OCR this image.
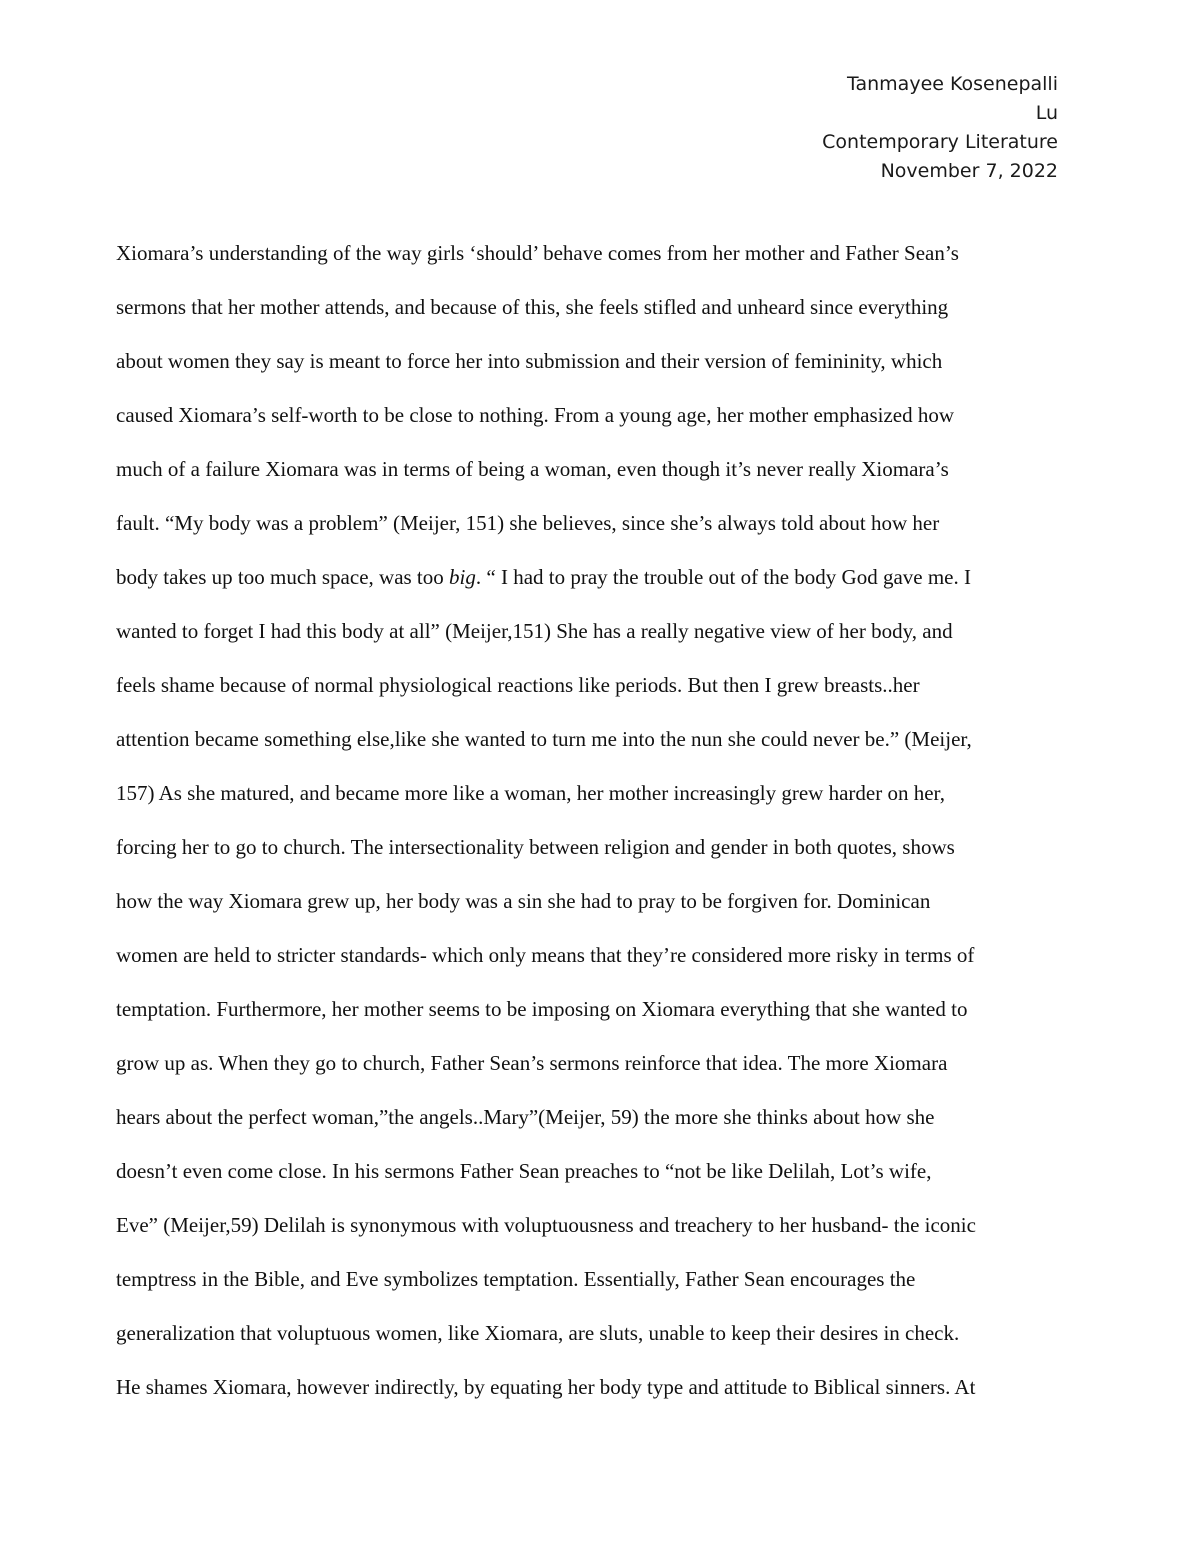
Tanmayee Kosenepalli
Lu
Contemporary Literature
November 7, 2022
Xiomara’s understanding of the way girls ‘should’ behave comes from her mother and Father Sean’s
sermons that her mother attends, and because of this, she feels stifled and unheard since everything
about women they say is meant to force her into submission and their version of femininity, which
caused Xiomara’s self-worth to be close to nothing. From a young age, her mother emphasized how
much of a failure Xiomara was in terms of being a woman, even though it’s never really Xiomara’s
fault. “My body was a problem” (Meijer, 151) she believes, since she’s always told about how her
body takes up too much space, was too big. “ I had to pray the trouble out of the body God gave me. I
wanted to forget I had this body at all” (Meijer,151) She has a really negative view of her body, and
feels shame because of normal physiological reactions like periods. But then I grew breasts..her
attention became something else,like she wanted to turn me into the nun she could never be.” (Meijer,
157) As she matured, and became more like a woman, her mother increasingly grew harder on her,
forcing her to go to church. The intersectionality between religion and gender in both quotes, shows
how the way Xiomara grew up, her body was a sin she had to pray to be forgiven for. Dominican
women are held to stricter standards- which only means that they’re considered more risky in terms of
temptation. Furthermore, her mother seems to be imposing on Xiomara everything that she wanted to
grow up as. When they go to church, Father Sean’s sermons reinforce that idea. The more Xiomara
hears about the perfect woman,”the angels..Mary”(Meijer, 59) the more she thinks about how she
doesn’t even come close. In his sermons Father Sean preaches to “not be like Delilah, Lot’s wife,
Eve” (Meijer,59) Delilah is synonymous with voluptuousness and treachery to her husband- the iconic
temptress in the Bible, and Eve symbolizes temptation. Essentially, Father Sean encourages the
generalization that voluptuous women, like Xiomara, are sluts, unable to keep their desires in check.
He shames Xiomara, however indirectly, by equating her body type and attitude to Biblical sinners. At
